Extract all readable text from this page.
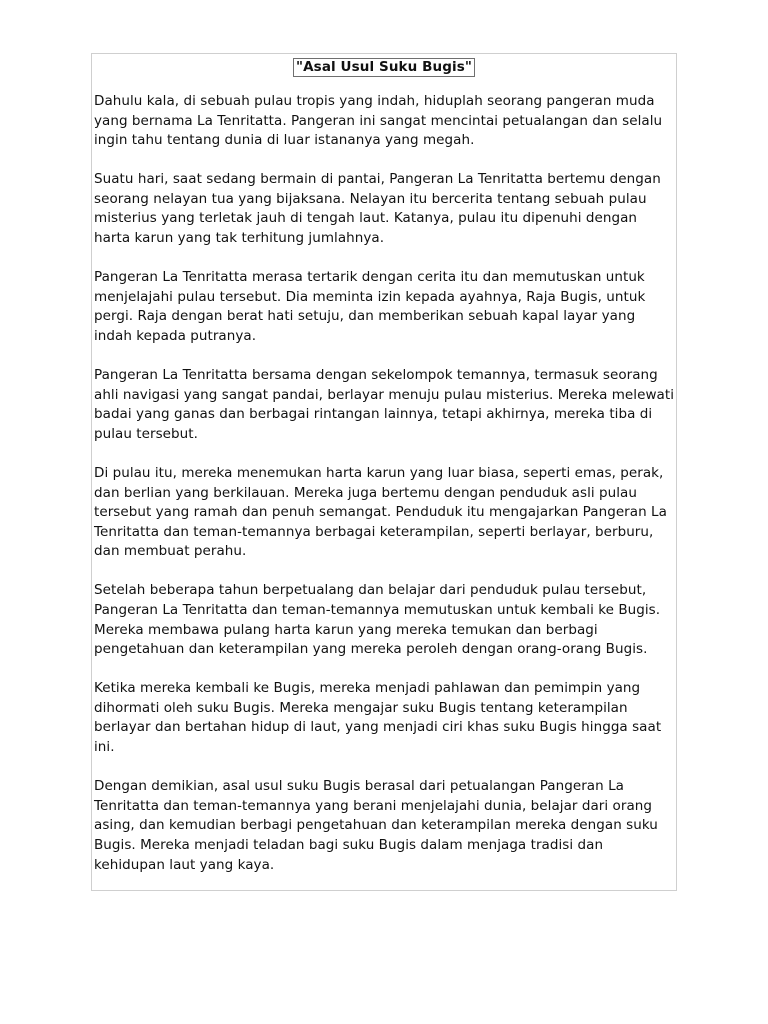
"Asal Usul Suku Bugis"

Dahulu kala, di sebuah pulau tropis yang indah, hiduplah seorang pangeran muda yang bernama La Tenritatta. Pangeran ini sangat mencintai petualangan dan selalu ingin tahu tentang dunia di luar istananya yang megah.

Suatu hari, saat sedang bermain di pantai, Pangeran La Tenritatta bertemu dengan seorang nelayan tua yang bijaksana. Nelayan itu bercerita tentang sebuah pulau misterius yang terletak jauh di tengah laut. Katanya, pulau itu dipenuhi dengan harta karun yang tak terhitung jumlahnya.

Pangeran La Tenritatta merasa tertarik dengan cerita itu dan memutuskan untuk menjelajahi pulau tersebut. Dia meminta izin kepada ayahnya, Raja Bugis, untuk pergi. Raja dengan berat hati setuju, dan memberikan sebuah kapal layar yang indah kepada putranya.

Pangeran La Tenritatta bersama dengan sekelompok temannya, termasuk seorang ahli navigasi yang sangat pandai, berlayar menuju pulau misterius. Mereka melewati badai yang ganas dan berbagai rintangan lainnya, tetapi akhirnya, mereka tiba di pulau tersebut.

Di pulau itu, mereka menemukan harta karun yang luar biasa, seperti emas, perak, dan berlian yang berkilauan. Mereka juga bertemu dengan penduduk asli pulau tersebut yang ramah dan penuh semangat. Penduduk itu mengajarkan Pangeran La Tenritatta dan teman-temannya berbagai keterampilan, seperti berlayar, berburu, dan membuat perahu.

Setelah beberapa tahun berpetualang dan belajar dari penduduk pulau tersebut, Pangeran La Tenritatta dan teman-temannya memutuskan untuk kembali ke Bugis. Mereka membawa pulang harta karun yang mereka temukan dan berbagi pengetahuan dan keterampilan yang mereka peroleh dengan orang-orang Bugis.

Ketika mereka kembali ke Bugis, mereka menjadi pahlawan dan pemimpin yang dihormati oleh suku Bugis. Mereka mengajar suku Bugis tentang keterampilan berlayar dan bertahan hidup di laut, yang menjadi ciri khas suku Bugis hingga saat ini.

Dengan demikian, asal usul suku Bugis berasal dari petualangan Pangeran La Tenritatta dan teman-temannya yang berani menjelajahi dunia, belajar dari orang asing, dan kemudian berbagi pengetahuan dan keterampilan mereka dengan suku Bugis. Mereka menjadi teladan bagi suku Bugis dalam menjaga tradisi dan kehidupan laut yang kaya.
